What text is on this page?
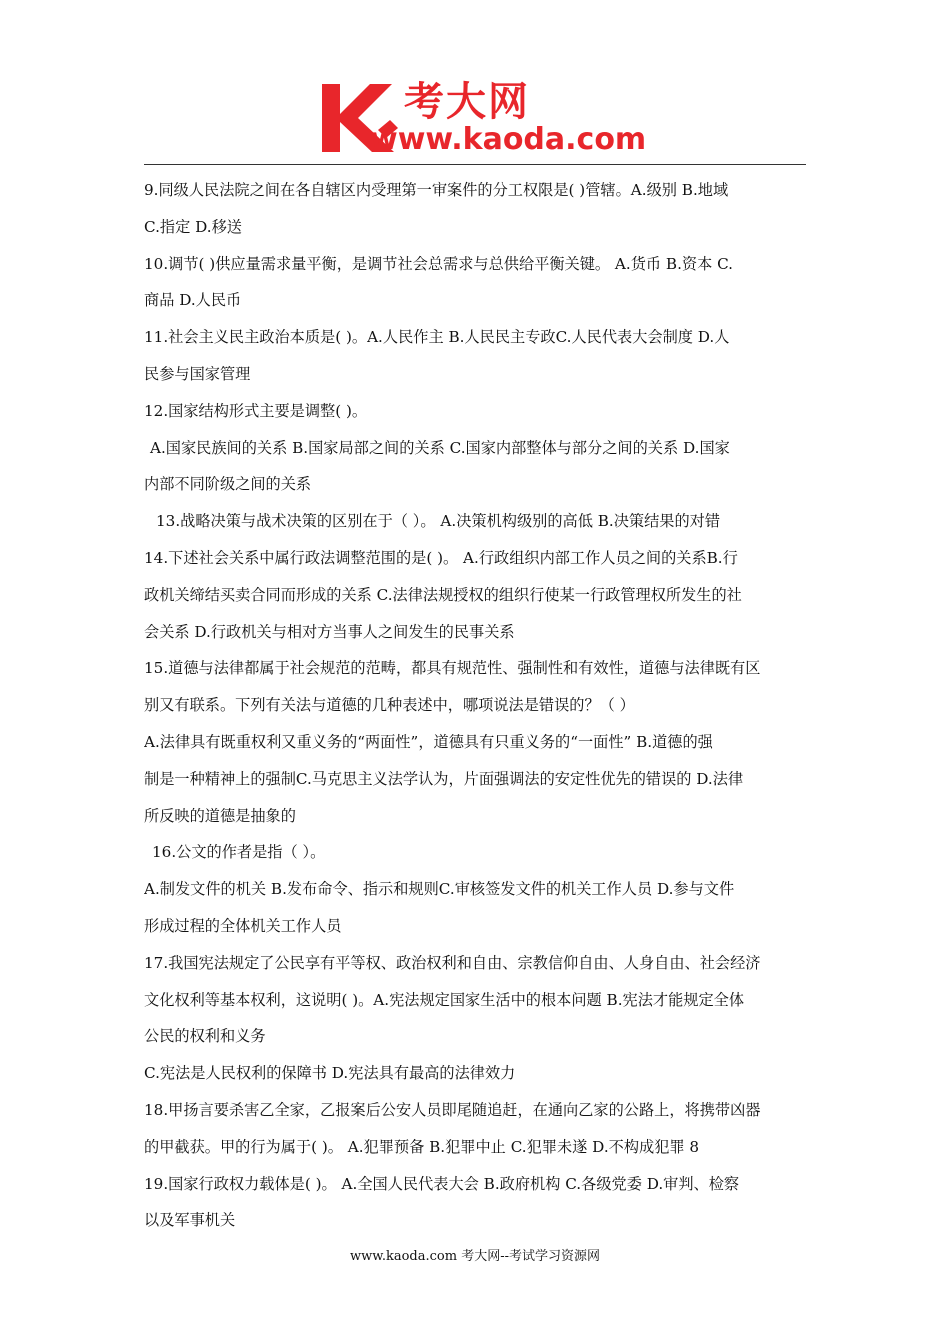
考大网
www.kaoda.com
9.同级人民法院之间在各自辖区内受理第一审案件的分工权限是( )管辖。A.级别 B.地域
C.指定 D.移送
10.调节( )供应量需求量平衡，是调节社会总需求与总供给平衡关键。 A.货币 B.资本 C.
商品 D.人民币
11.社会主义民主政治本质是( )。A.人民作主 B.人民民主专政C.人民代表大会制度 D.人
民参与国家管理
12.国家结构形式主要是调整( )。
A.国家民族间的关系 B.国家局部之间的关系 C.国家内部整体与部分之间的关系 D.国家
内部不同阶级之间的关系
13.战略决策与战术决策的区别在于（ ）。 A.决策机构级别的高低 B.决策结果的对错
14.下述社会关系中属行政法调整范围的是( )。 A.行政组织内部工作人员之间的关系B.行
政机关缔结买卖合同而形成的关系 C.法律法规授权的组织行使某一行政管理权所发生的社
会关系 D.行政机关与相对方当事人之间发生的民事关系
15.道德与法律都属于社会规范的范畴，都具有规范性、强制性和有效性，道德与法律既有区
别又有联系。下列有关法与道德的几种表述中，哪项说法是错误的？（ ）
A.法律具有既重权利又重义务的“两面性”，道德具有只重义务的“一面性” B.道德的强
制是一种精神上的强制C.马克思主义法学认为，片面强调法的安定性优先的错误的 D.法律
所反映的道德是抽象的
16.公文的作者是指（ ）。
A.制发文件的机关 B.发布命令、指示和规则C.审核签发文件的机关工作人员 D.参与文件
形成过程的全体机关工作人员
17.我国宪法规定了公民享有平等权、政治权利和自由、宗教信仰自由、人身自由、社会经济
文化权利等基本权利，这说明( )。A.宪法规定国家生活中的根本问题 B.宪法才能规定全体
公民的权利和义务
C.宪法是人民权利的保障书 D.宪法具有最高的法律效力
18.甲扬言要杀害乙全家，乙报案后公安人员即尾随追赶，在通向乙家的公路上，将携带凶器
的甲截获。甲的行为属于( )。 A.犯罪预备 B.犯罪中止 C.犯罪未遂 D.不构成犯罪 8
19.国家行政权力载体是( )。 A.全国人民代表大会 B.政府机构 C.各级党委 D.审判、检察
以及军事机关
www.kaoda.com 考大网--考试学习资源网
